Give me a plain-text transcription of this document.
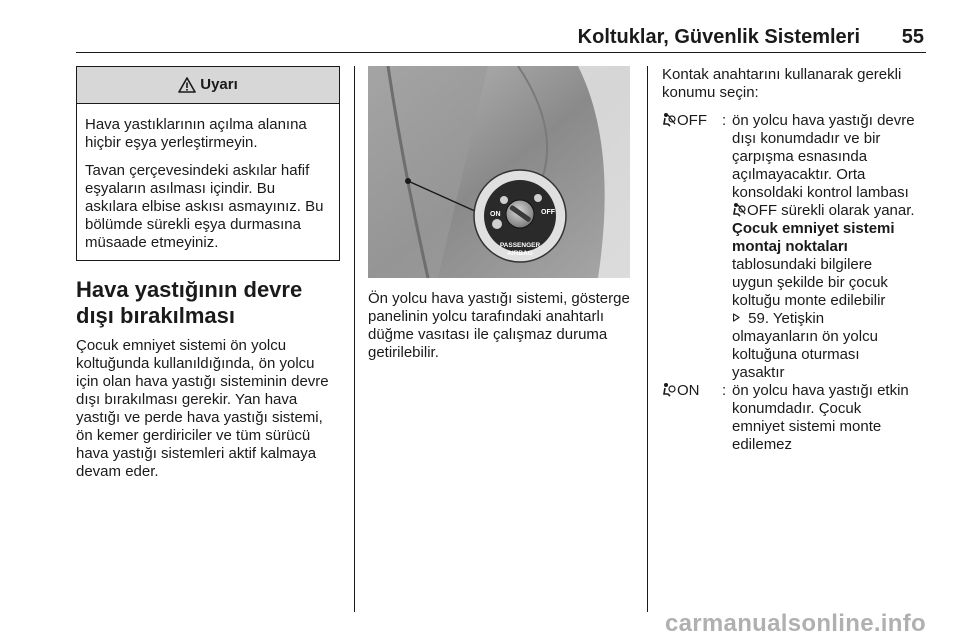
Koltuklar, Güvenlik Sistemleri 55
Uyarı

Hava yastıklarının açılma alanına hiçbir eşya yerleştirmeyin.

Tavan çerçevesindeki askılar hafif eşyaların asılması içindir. Bu askılara elbise askısı asmayınız. Bu bölümde sürekli eşya durmasına müsaade etmeyiniz.

Hava yastığının devre dışı bırakılması

Çocuk emniyet sistemi ön yolcu koltuğunda kullanıldığında, ön yolcu için olan hava yastığı sisteminin devre dışı bırakılması gerekir. Yan hava yastığı ve perde hava yastığı sistemi, ön kemer gerdiriciler ve tüm sürücü hava yastığı sistemleri aktif kalmaya devam eder.

ON	OFF
PASSENGER
AIRBAG

Ön yolcu hava yastığı sistemi, gösterge panelinin yolcu tarafındaki anahtarlı düğme vasıtası ile çalışmaz duruma getirilebilir.

Kontak anahtarını kullanarak gerekli konumu seçin:

OFF : ön yolcu hava yastığı devre
dışı konumdadır ve bir
çarpışma esnasında
açılmayacaktır. Orta
konsoldaki kontrol lambası
OFF sürekli olarak yanar.
Çocuk emniyet sistemi
montaj noktaları
tablosundaki bilgilere
uygun şekilde bir çocuk
koltuğu monte edilebilir
59. Yetişkin
olmayanların ön yolcu
koltuğuna oturması
yasaktır
ON : ön yolcu hava yastığı etkin
konumdadır. Çocuk
emniyet sistemi monte
edilemez
carmanualsonline.info
